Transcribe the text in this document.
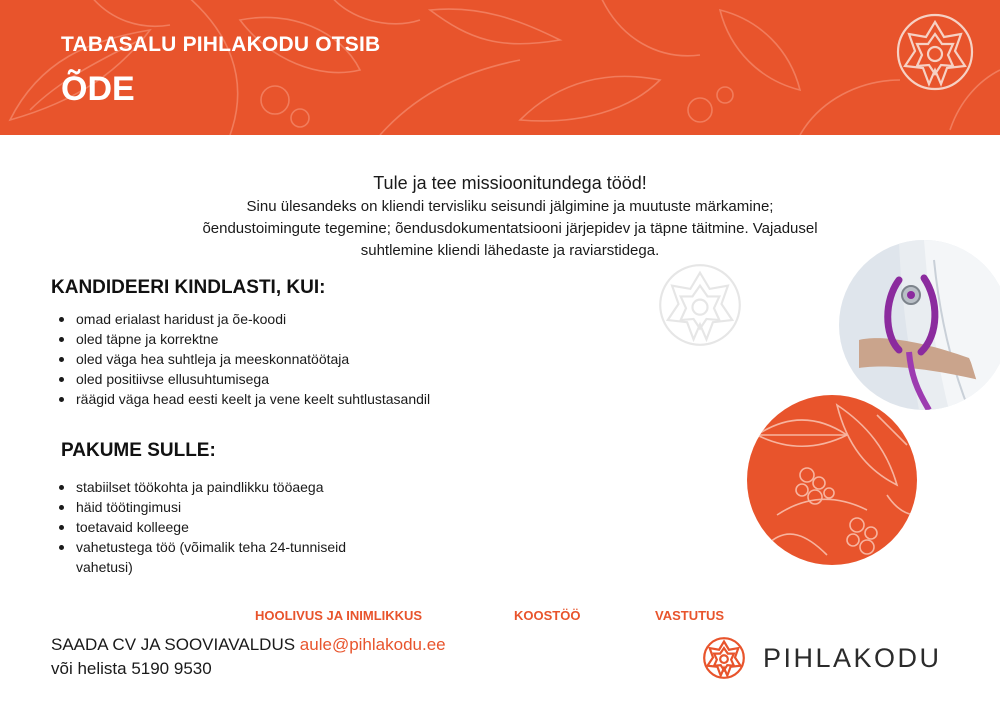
TABASALU PIHLAKODU OTSIB
ÕDE
Tule ja tee missioonitundega tööd!
Sinu ülesandeks on kliendi tervisliku seisundi jälgimine ja muutuste märkamine;
õendustoimingute tegemine; õendusdokumentatsiooni järjepidev ja täpne täitmine. Vajadusel
suhtlemine kliendi lähedaste ja raviarstidega.
KANDIDEERI KINDLASTI, KUI:
omad erialast haridust ja õe-koodi
oled täpne ja korrektne
oled väga hea suhtleja ja meeskonnatöötaja
oled positiivse ellusuhtumisega
räägid väga head eesti keelt ja vene keelt suhtlustasandil
PAKUME SULLE:
stabiilset töökohta ja paindlikku tööaega
häid töötingimusi
toetavaid kolleege
vahetustega töö (võimalik teha 24-tunniseid
vahetusi)
HOOLIVUS JA INIMLIKKUS	KOOSTÖÖ	VASTUTUS
SAADA CV JA SOOVIAVALDUS aule@pihlakodu.ee
või helista 5190 9530	PIHLAKODU
